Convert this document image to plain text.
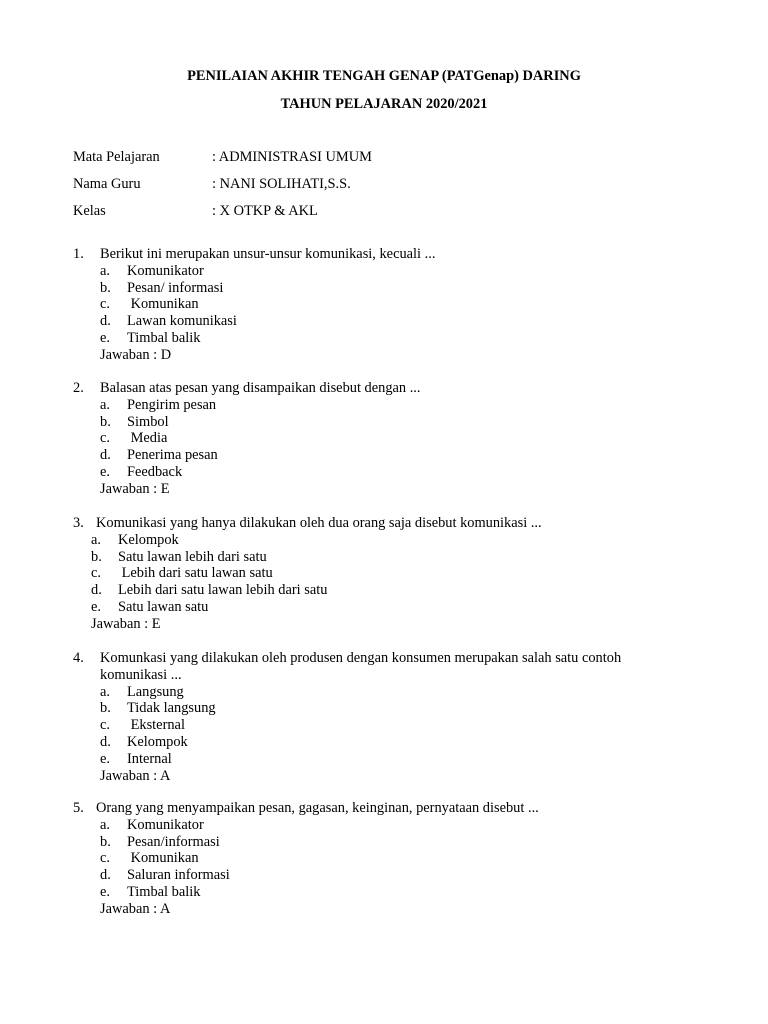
PENILAIAN AKHIR TENGAH GENAP (PATGenap) DARING
TAHUN PELAJARAN 2020/2021
Mata Pelajaran	: ADMINISTRASI UMUM
Nama Guru	: NANI SOLIHATI,S.S.
Kelas	: X OTKP & AKL
1. Berikut ini merupakan unsur-unsur komunikasi, kecuali ...
a. Komunikator
b. Pesan/ informasi
c. Komunikan
d. Lawan komunikasi
e. Timbal balik
Jawaban : D
2. Balasan atas pesan yang disampaikan disebut dengan ...
a. Pengirim pesan
b. Simbol
c. Media
d. Penerima pesan
e. Feedback
Jawaban : E
3. Komunikasi yang hanya dilakukan oleh dua orang saja disebut komunikasi ...
a. Kelompok
b. Satu lawan lebih dari satu
c. Lebih dari satu lawan satu
d. Lebih dari satu lawan lebih dari satu
e. Satu lawan satu
Jawaban : E
4. Komunkasi yang dilakukan oleh produsen dengan konsumen merupakan salah satu contoh
komunikasi ...
a. Langsung
b. Tidak langsung
c. Eksternal
d. Kelompok
e. Internal
Jawaban : A
5. Orang yang menyampaikan pesan, gagasan, keinginan, pernyataan disebut ...
a. Komunikator
b. Pesan/informasi
c. Komunikan
d. Saluran informasi
e. Timbal balik
Jawaban : A
